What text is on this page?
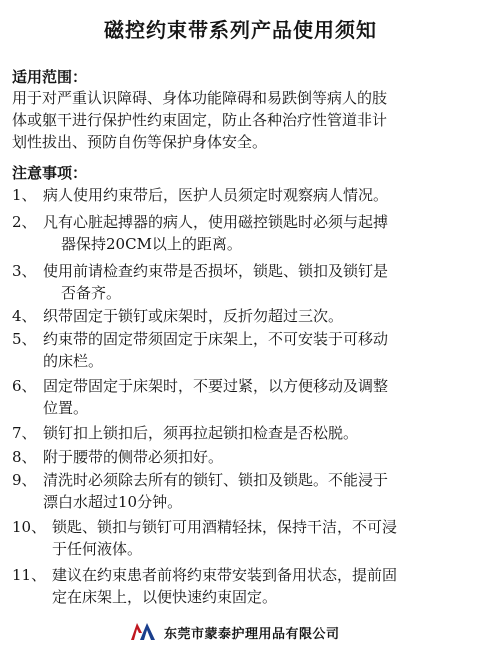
磁控约束带系列产品使用须知
适用范围：
用于对严重认识障碍、身体功能障碍和易跌倒等病人的肢
体或躯干进行保护性约束固定，防止各种治疗性管道非计
划性拔出、预防自伤等保护身体安全。
注意事项：
1、 病人使用约束带后，医护人员须定时观察病人情况。
2、 凡有心脏起搏器的病人，使用磁控锁匙时必须与起搏
器保持20CM以上的距离。
3、 使用前请检查约束带是否损坏，锁匙、锁扣及锁钉是
否备齐。
4、 织带固定于锁钉或床架时，反折勿超过三次。
5、 约束带的固定带须固定于床架上，不可安装于可移动
的床栏。
6、 固定带固定于床架时，不要过紧，以方便移动及调整
位置。
7、 锁钉扣上锁扣后，须再拉起锁扣检查是否松脱。
8、 附于腰带的侧带必须扣好。
9、 清洗时必须除去所有的锁钉、锁扣及锁匙。不能浸于
漂白水超过10分钟。
10、 锁匙、锁扣与锁钉可用酒精轻抹，保持干洁，不可浸
于任何液体。
11、 建议在约束患者前将约束带安装到备用状态，提前固
定在床架上，以便快速约束固定。
东莞市蒙泰护理用品有限公司
